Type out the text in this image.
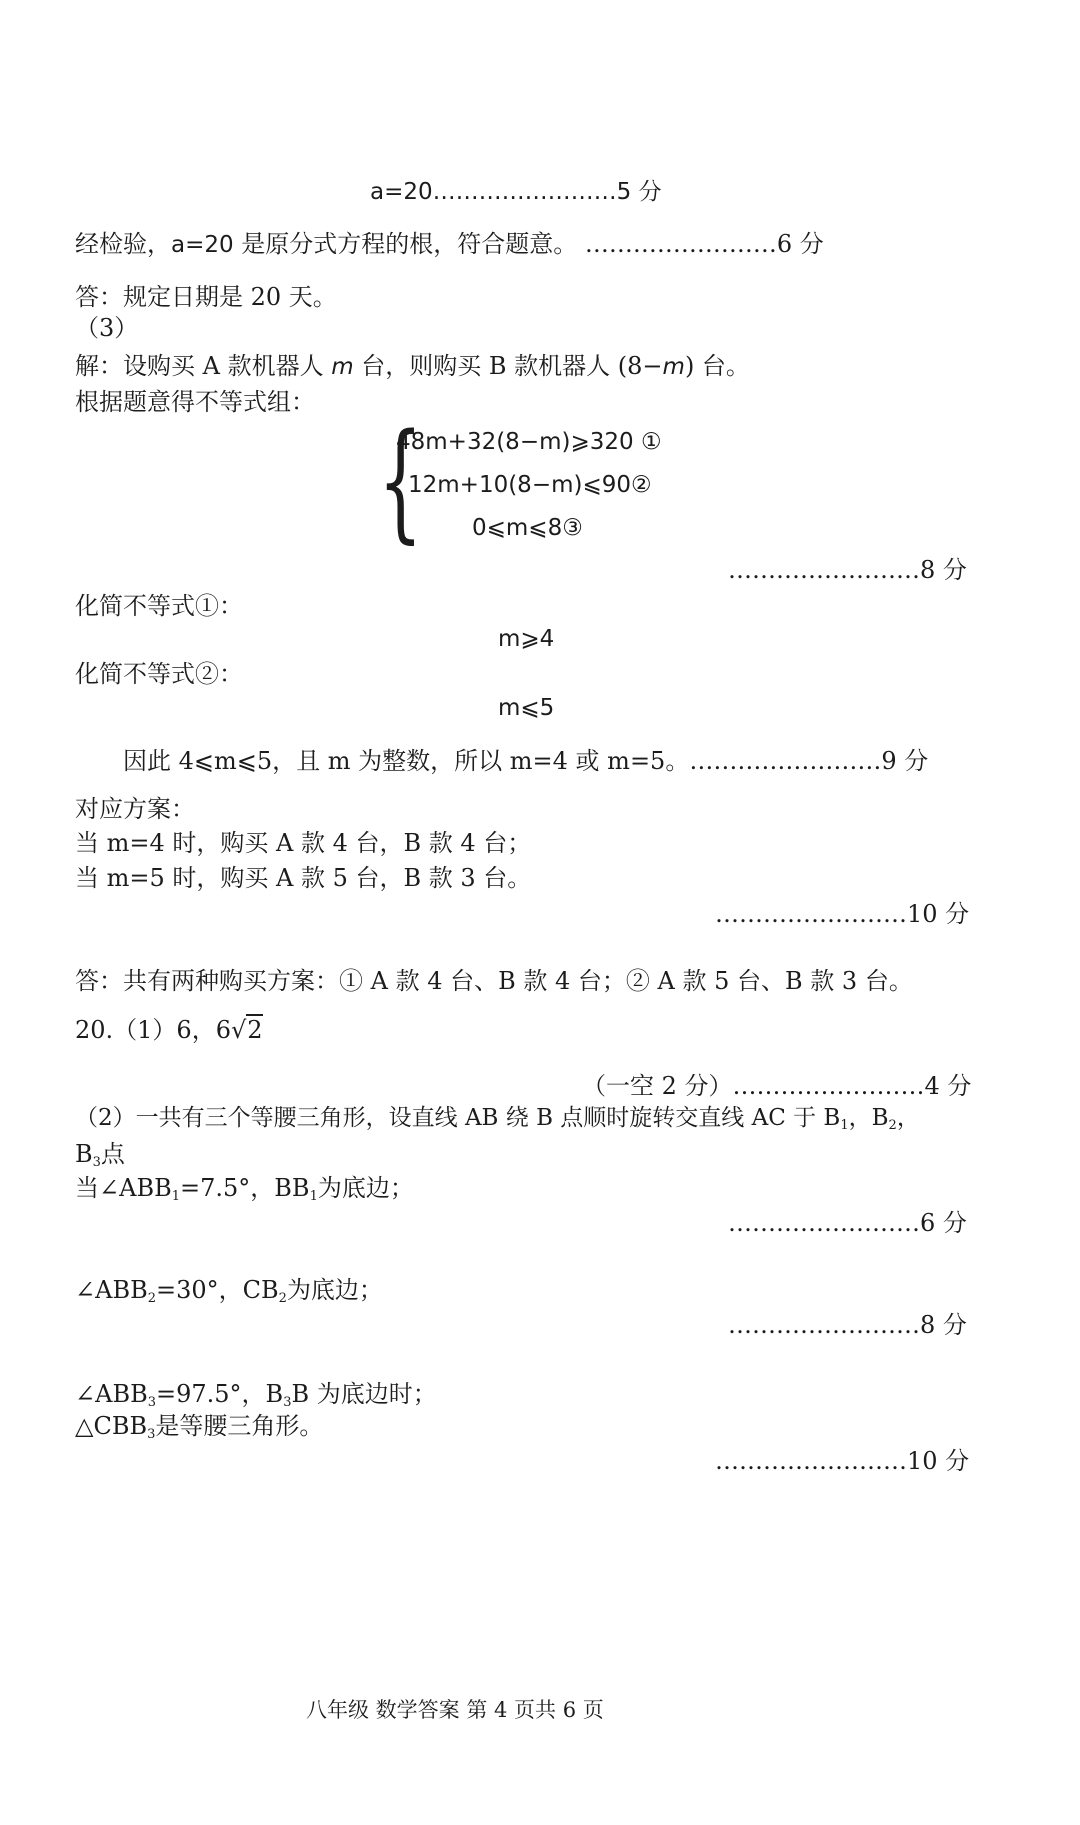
a=20……………………5 分
经检验，a=20 是原分式方程的根，符合题意。 ……………………6 分
答：规定日期是 20 天。
（3）
解：设购买 A 款机器人 m 台，则购买 B 款机器人 (8−m) 台。
根据题意得不等式组：
{
48m+32(8−m)⩾320 ①
12m+10(8−m)⩽90②
0⩽m⩽8③
……………………8 分
化简不等式①：
m⩾4
化简不等式②：
m⩽5
因此 4⩽m⩽5，且 m 为整数，所以 m=4 或 m=5。……………………9 分
对应方案：
当 m=4 时，购买 A 款 4 台，B 款 4 台；
当 m=5 时，购买 A 款 5 台，B 款 3 台。
……………………10 分
答：共有两种购买方案：① A 款 4 台、B 款 4 台；② A 款 5 台、B 款 3 台。
20.（1）6，6√2
（一空 2 分）……………………4 分
（2）一共有三个等腰三角形，设直线 AB 绕 B 点顺时旋转交直线 AC 于 $B_1$，$B_2$，
$B_3$点
当$\angle ABB_1=7.5^\circ$，$BB_1$为底边；
……………………6 分
$\angle ABB_2=30^\circ$，$CB_2$为底边；
……………………8 分
$\angle ABB_3=97.5^\circ$，$B_3B$ 为底边时；
$\triangle CBB_3$是等腰三角形。
……………………10 分
八年级 数学答案 第 4 页共 6 页
